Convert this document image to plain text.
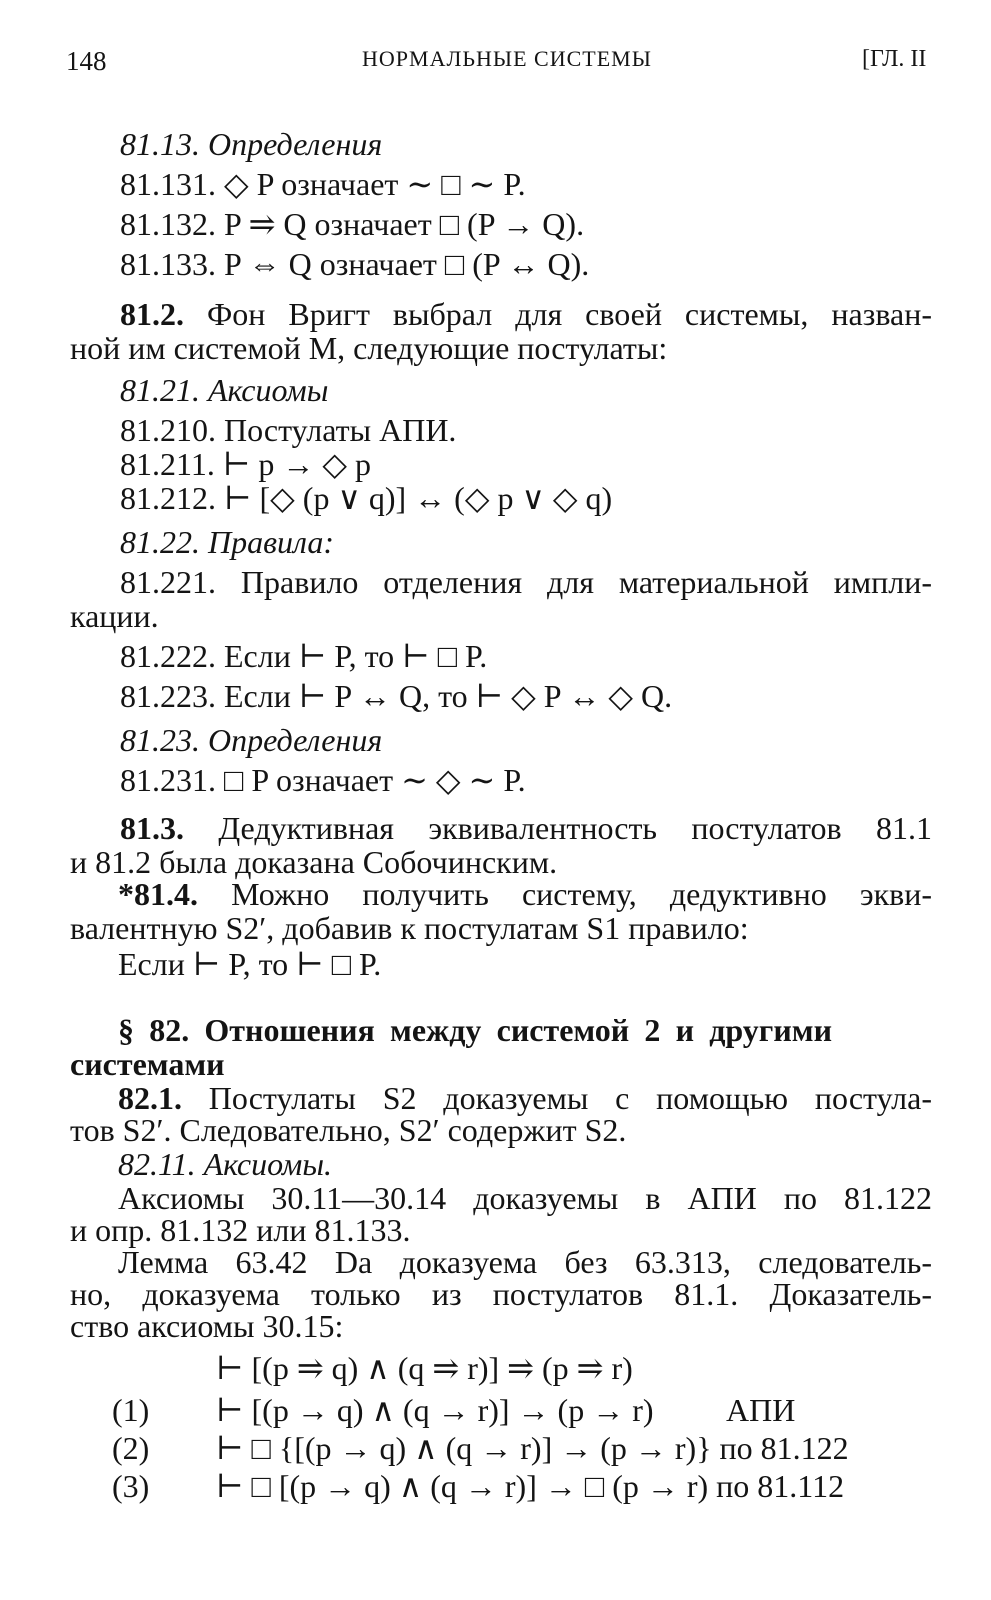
148	НОРМАЛЬНЫЕ СИСТЕМЫ	[ГЛ. II
81.13. Определения
81.131. ◇ P означает ∼ □ ∼ P.
81.132. P ⥤ Q означает □ (P → Q).
81.133. P ⇔ Q означает □ (P ↔ Q).
81.2. Фон Вригт выбрал для своей системы, назван-
ной им системой M, следующие постулаты:
81.21. Аксиомы
81.210. Постулаты АПИ.
81.211. ⊢ p → ◇ p
81.212. ⊢ [◇ (p ∨ q)] ↔ (◇ p ∨ ◇ q)
81.22. Правила:
81.221. Правило отделения для материальной импли-
кации.
81.222. Если ⊢ P, то ⊢ □ P.
81.223. Если ⊢ P ↔ Q, то ⊢ ◇ P ↔ ◇ Q.
81.23. Определения
81.231. □ P означает ∼ ◇ ∼ P.
81.3. Дедуктивная эквивалентность постулатов 81.1
и 81.2 была доказана Собочинским.
*81.4. Можно получить систему, дедуктивно экви-
валентную S2′, добавив к постулатам S1 правило:
Если ⊢ P, то ⊢ □ P.
§ 82. Отношения между системой 2 и другими
системами
82.1. Постулаты S2 доказуемы с помощью постула-
тов S2′. Следовательно, S2′ содержит S2.
82.11. Аксиомы.
Аксиомы 30.11—30.14 доказуемы в АПИ по 81.122
и опр. 81.132 или 81.133.
Лемма 63.42 Da доказуема без 63.313, следователь-
но, доказуема только из постулатов 81.1. Доказатель-
ство аксиомы 30.15:
⊢ [(p ⥤ q) ∧ (q ⥤ r)] ⥤ (p ⥤ r)
(1) ⊢ [(p → q) ∧ (q → r)] → (p → r) АПИ
(2) ⊢ □ {[(p → q) ∧ (q → r)] → (p → r)} по 81.122
(3) ⊢ □ [(p → q) ∧ (q → r)] → □ (p → r) по 81.112
